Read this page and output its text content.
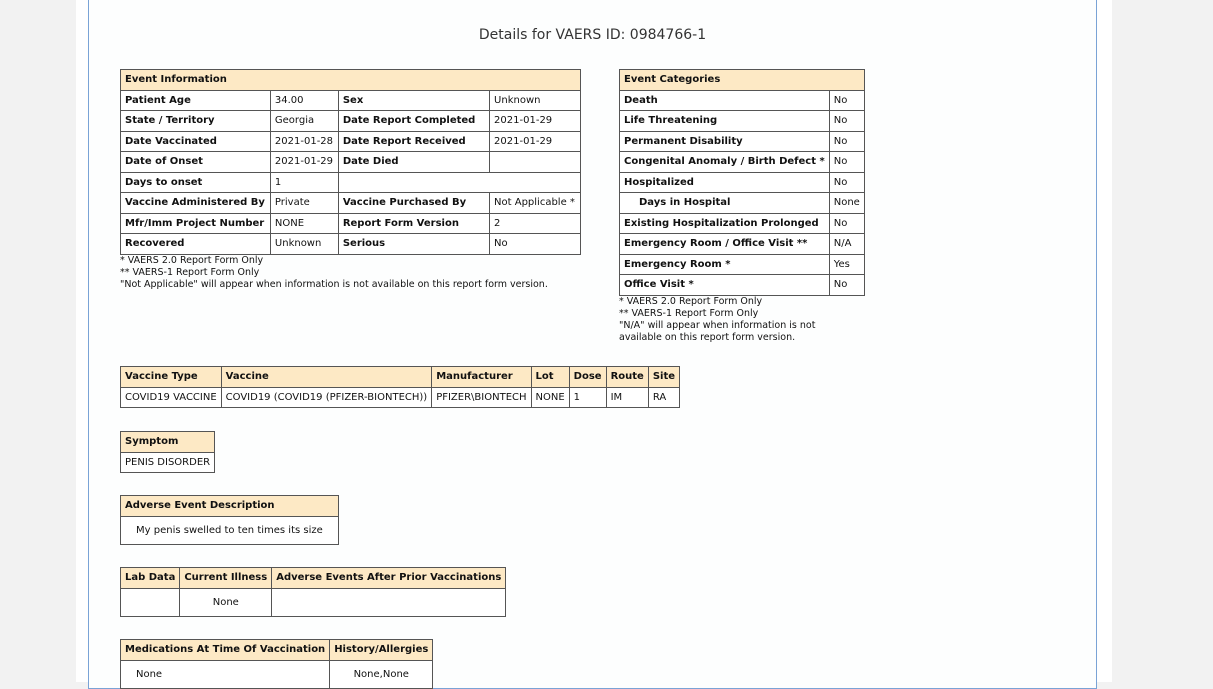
Details for VAERS ID: 0984766-1
Event Information			
Patient Age	34.00	Sex	Unknown
State / Territory	Georgia	Date Report Completed	2021-01-29
Date Vaccinated	2021-01-28	Date Report Received	2021-01-29
Date of Onset	2021-01-29	Date Died	
Days to onset	1		
Vaccine Administered By	Private	Vaccine Purchased By	Not Applicable *
Mfr/Imm Project Number	NONE	Report Form Version	2
Recovered	Unknown	Serious	No
* VAERS 2.0 Report Form Only
** VAERS-1 Report Form Only
"Not Applicable" will appear when information is not available on this report form version.
Event Categories	
Death	No
Life Threatening	No
Permanent Disability	No
Congenital Anomaly / Birth Defect *	No
Hospitalized	No
Days in Hospital	None
Existing Hospitalization Prolonged	No
Emergency Room / Office Visit **	N/A
Emergency Room *	Yes
Office Visit *	No
* VAERS 2.0 Report Form Only
** VAERS-1 Report Form Only
"N/A" will appear when information is not
available on this report form version.
Vaccine Type	Vaccine	Manufacturer	Lot	Dose	Route	Site
COVID19 VACCINE	COVID19 (COVID19 (PFIZER-BIONTECH))	PFIZER\BIONTECH	NONE	1	IM	RA
Symptom
PENIS DISORDER
Adverse Event Description
My penis swelled to ten times its size
Lab Data	Current Illness	Adverse Events After Prior Vaccinations
	None	
Medications At Time Of Vaccination	History/Allergies
None	None,None
